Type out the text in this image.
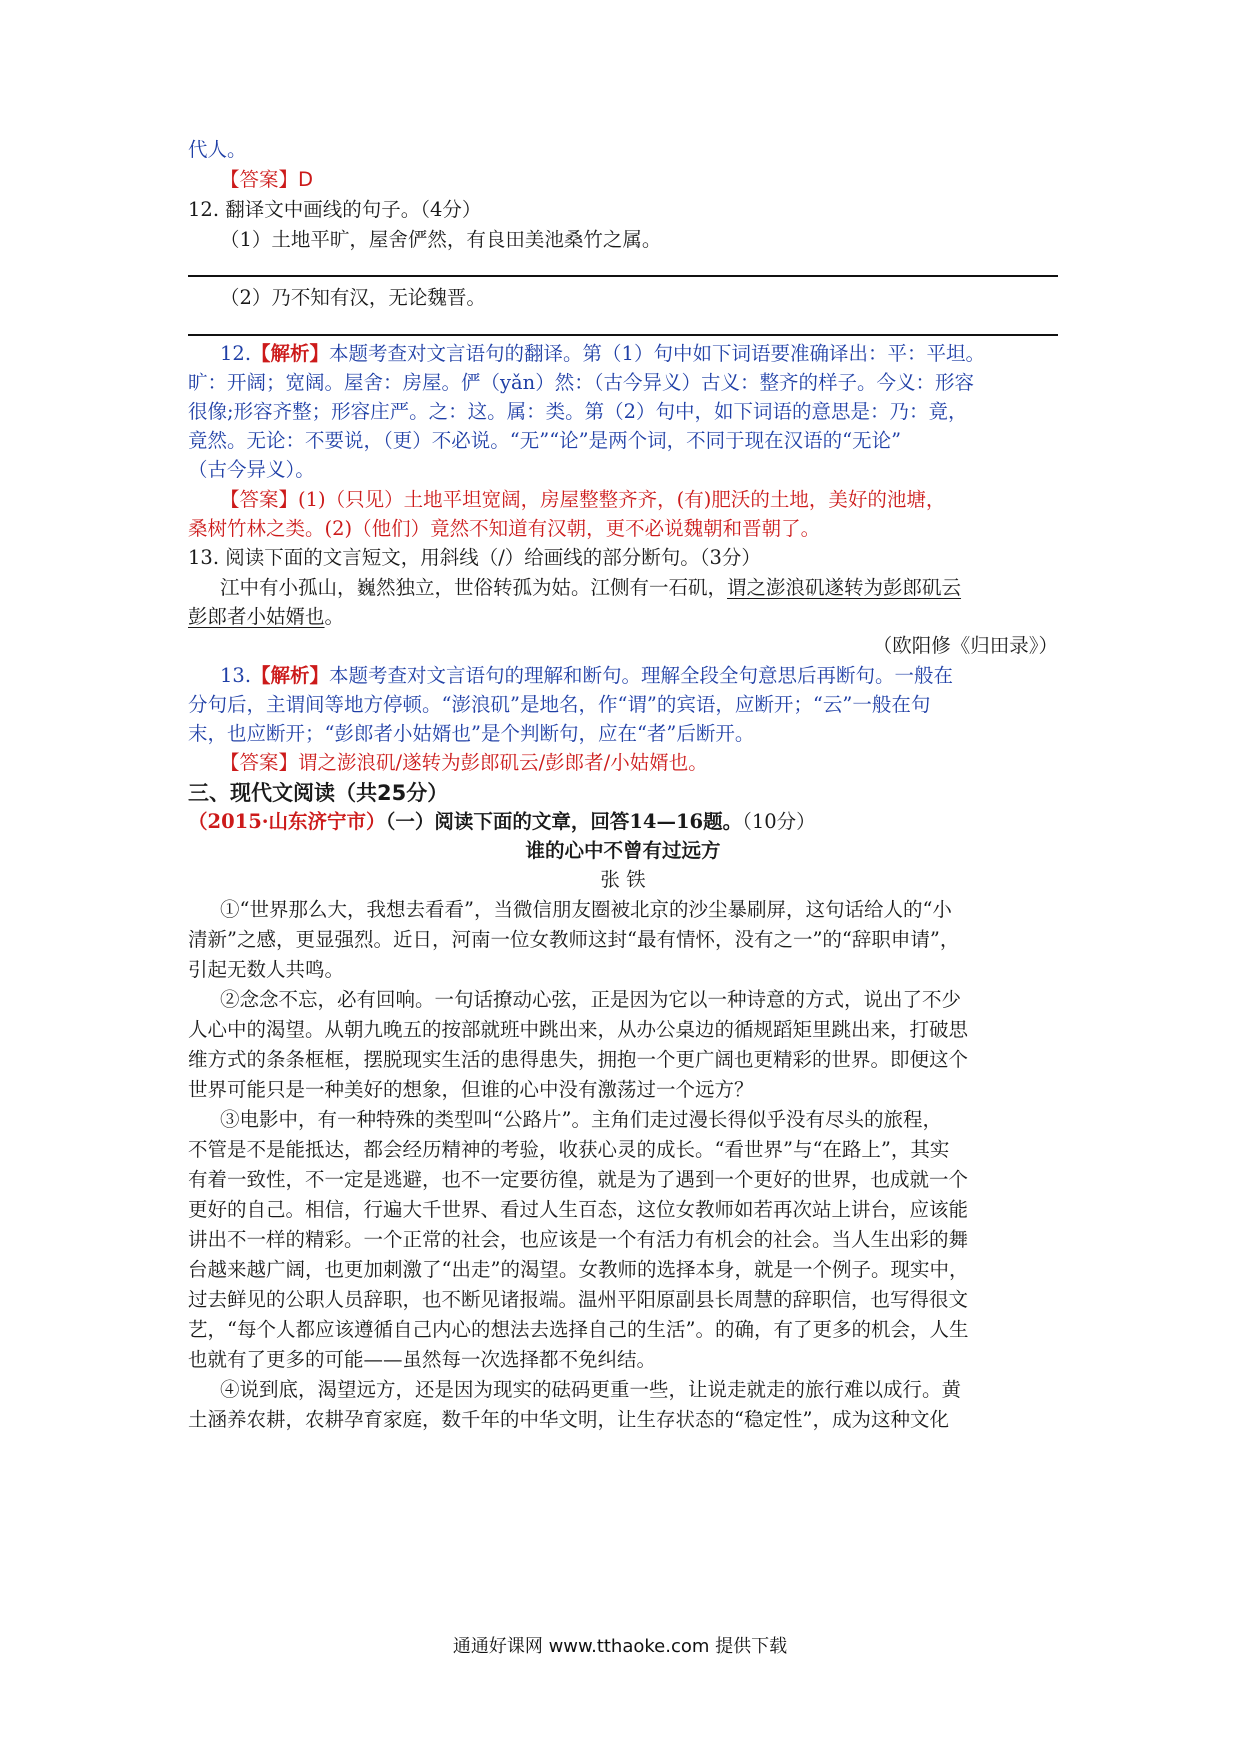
代人。
【答案】D
12. 翻译文中画线的句子。（4分）
（1）土地平旷，屋舍俨然，有良田美池桑竹之属。
（2）乃不知有汉，无论魏晋。
12.【解析】本题考查对文言语句的翻译。第（1）句中如下词语要准确译出：平：平坦。
旷：开阔；宽阔。屋舍：房屋。俨（yǎn）然：（古今异义）古义：整齐的样子。今义：形容
很像;形容齐整；形容庄严。之：这。属：类。第（2）句中，如下词语的意思是：乃：竟，
竟然。无论：不要说，（更）不必说。“无”“论”是两个词，不同于现在汉语的“无论”
（古今异义）。
【答案】(1)（只见）土地平坦宽阔，房屋整整齐齐，(有)肥沃的土地，美好的池塘，
桑树竹林之类。(2)（他们）竟然不知道有汉朝，更不必说魏朝和晋朝了。
13. 阅读下面的文言短文，用斜线（/）给画线的部分断句。（3分）
江中有小孤山，巍然独立，世俗转孤为姑。江侧有一石矶，谓之澎浪矶遂转为彭郎矶云
彭郎者小姑婿也。
（欧阳修《归田录》）
13.【解析】本题考查对文言语句的理解和断句。理解全段全句意思后再断句。一般在
分句后，主谓间等地方停顿。“澎浪矶”是地名，作“谓”的宾语，应断开；“云”一般在句
末，也应断开；“彭郎者小姑婿也”是个判断句，应在“者”后断开。
【答案】谓之澎浪矶/遂转为彭郎矶云/彭郎者/小姑婿也。
三、现代文阅读（共25分）
（2015·山东济宁市）（一）阅读下面的文章，回答14—16题。（10分）
谁的心中不曾有过远方
张 铁
①“世界那么大，我想去看看”，当微信朋友圈被北京的沙尘暴刷屏，这句话给人的“小
清新”之感，更显强烈。近日，河南一位女教师这封“最有情怀，没有之一”的“辞职申请”，
引起无数人共鸣。
②念念不忘，必有回响。一句话撩动心弦，正是因为它以一种诗意的方式，说出了不少
人心中的渴望。从朝九晚五的按部就班中跳出来，从办公桌边的循规蹈矩里跳出来，打破思
维方式的条条框框，摆脱现实生活的患得患失，拥抱一个更广阔也更精彩的世界。即便这个
世界可能只是一种美好的想象，但谁的心中没有激荡过一个远方？
③电影中，有一种特殊的类型叫“公路片”。主角们走过漫长得似乎没有尽头的旅程，
不管是不是能抵达，都会经历精神的考验，收获心灵的成长。“看世界”与“在路上”，其实
有着一致性，不一定是逃避，也不一定要彷徨，就是为了遇到一个更好的世界，也成就一个
更好的自己。相信，行遍大千世界、看过人生百态，这位女教师如若再次站上讲台，应该能
讲出不一样的精彩。一个正常的社会，也应该是一个有活力有机会的社会。当人生出彩的舞
台越来越广阔，也更加刺激了“出走”的渴望。女教师的选择本身，就是一个例子。现实中，
过去鲜见的公职人员辞职，也不断见诸报端。温州平阳原副县长周慧的辞职信，也写得很文
艺，“每个人都应该遵循自己内心的想法去选择自己的生活”。的确，有了更多的机会，人生
也就有了更多的可能——虽然每一次选择都不免纠结。
④说到底，渴望远方，还是因为现实的砝码更重一些，让说走就走的旅行难以成行。黄
土涵养农耕，农耕孕育家庭，数千年的中华文明，让生存状态的“稳定性”，成为这种文化
通通好课网 www.tthaoke.com 提供下载
